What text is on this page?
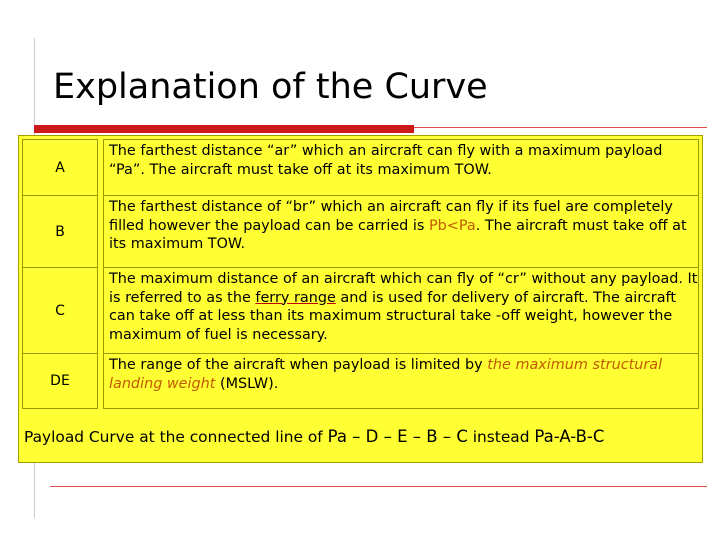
Explanation of the Curve
A
The farthest distance “ar” which an aircraft can fly with a maximum payload “Pa”. The aircraft must take off at its maximum TOW.
B
The farthest distance of “br” which an aircraft can fly if its fuel are completely filled however the payload can be carried is Pb<Pa. The aircraft must take off at its maximum TOW.
C
The maximum distance of an aircraft which can fly of “cr” without any payload. It is referred to as the ferry range and is used for delivery of aircraft. The aircraft can take off at less than its maximum structural take -off weight, however the maximum of fuel is necessary.
DE
The range of the aircraft when payload is limited by the maximum structural landing weight (MSLW).
Payload Curve at the connected line of Pa – D – E – B – C instead Pa-A-B-C
